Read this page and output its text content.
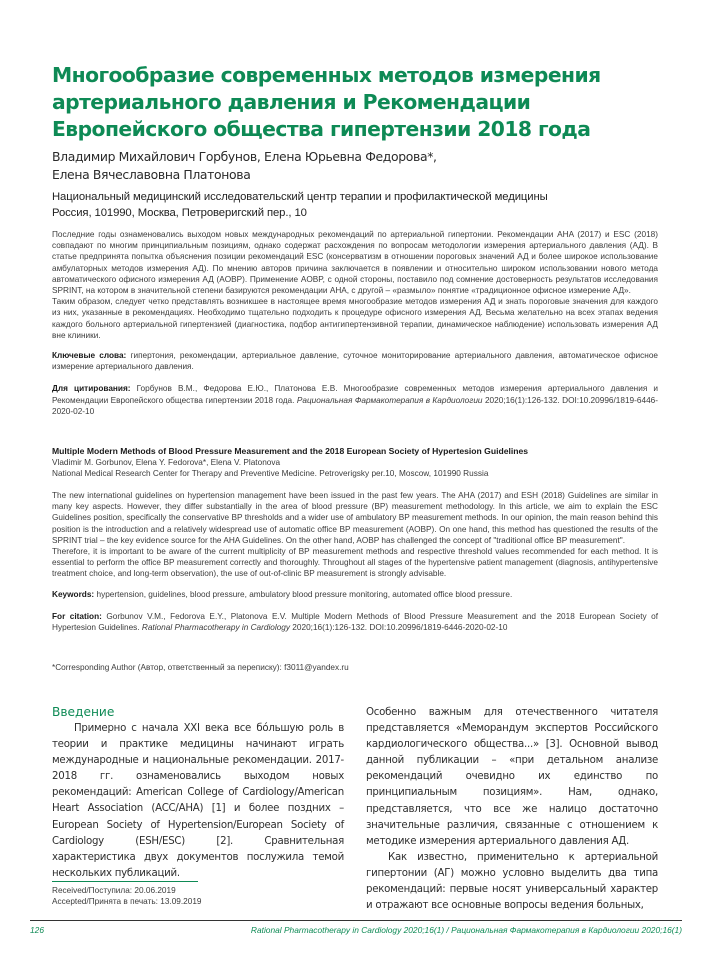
Многообразие современных методов измерения
артериального давления и Рекомендации
Европейского общества гипертензии 2018 года
Владимир Михайлович Горбунов, Елена Юрьевна Федорова*,
Елена Вячеславовна Платонова
Национальный медицинский исследовательский центр терапии и профилактической медицины
Россия, 101990, Москва, Петроверигский пер., 10

Последние годы ознаменовались выходом новых международных рекомендаций по артериальной гипертонии. Рекомендации AHA (2017) и ESC (2018) совпадают по многим принципиальным позициям, однако содержат расхождения по вопросам методологии измерения артериального давления (АД). В статье предпринята попытка объяснения позиции рекомендаций ESC (консерватизм в отношении пороговых значений АД и более широкое использование амбулаторных методов измерения АД). По мнению авторов причина заключается в появлении и относительно широком использовании нового метода автоматического офисного измерения АД (AOBP). Применение AOBP, с одной стороны, поставило под сомнение достоверность результатов исследования SPRINT, на котором в значительной степени базируются рекомендации AHA, с другой – «размыло» понятие «традиционное офисное измерение АД».

Таким образом, следует четко представлять возникшее в настоящее время многообразие методов измерения АД и знать пороговые значения для каждого из них, указанные в рекомендациях. Необходимо тщательно подходить к процедуре офисного измерения АД. Весьма желательно на всех этапах ведения каждого больного артериальной гипертензией (диагностика, подбор антигипертензивной терапии, динамическое наблюдение) использовать измерения АД вне клиники.

Ключевые слова: гипертония, рекомендации, артериальное давление, суточное мониторирование артериального давления, автоматическое офисное измерение артериального давления.
Для цитирования: Горбунов В.М., Федорова Е.Ю., Платонова Е.В. Многообразие современных методов измерения артериального давления и Рекомендации Европейского общества гипертензии 2018 года. Рациональная Фармакотерапия в Кардиологии 2020;16(1):126-132. DOI:10.20996/1819-6446-2020-02-10
Multiple Modern Methods of Blood Pressure Measurement and the 2018 European Society of Hypertesion Guidelines
Vladimir M. Gorbunov, Elena Y. Fedorova*, Elena V. Platonova
National Medical Research Center for Therapy and Preventive Medicine. Petroverigsky per.10, Moscow, 101990 Russia

The new international guidelines on hypertension management have been issued in the past few years. The AHA (2017) and ESH (2018) Guidelines are similar in many key aspects. However, they differ substantially in the area of blood pressure (BP) measurement methodology. In this article, we aim to explain the ESC Guidelines position, specifically the conservative BP thresholds and a wider use of ambulatory BP measurement methods. In our opinion, the main reason behind this position is the introduction and a relatively widespread use of automatic office BP measurement (AOBP). On one hand, this method has questioned the results of the SPRINT trial – the key evidence source for the AHA Guidelines. On the other hand, AOBP has challenged the concept of "traditional office BP measurement".

Therefore, it is important to be aware of the current multiplicity of BP measurement methods and respective threshold values recommended for each method. It is essential to perform the office BP measurement correctly and thoroughly. Throughout all stages of the hypertensive patient management (diagnosis, antihypertensive treatment choice, and long-term observation), the use of out-of-clinic BP measurement is strongly advisable.

Keywords: hypertension, guidelines, blood pressure, ambulatory blood pressure monitoring, automated office blood pressure.
For citation: Gorbunov V.M., Fedorova E.Y., Platonova E.V. Multiple Modern Methods of Blood Pressure Measurement and the 2018 European Society of Hypertesion Guidelines. Rational Pharmacotherapy in Cardiology 2020;16(1):126-132. DOI:10.20996/1819-6446-2020-02-10
*Corresponding Author (Автор, ответственный за переписку): f3011@yandex.ru
Введение

Примерно с начала XXI века все бóльшую роль в теории и практике медицины начинают играть международные и национальные рекомендации. 2017-2018 гг. ознаменовались выходом новых рекомендаций: American College of Cardiology/American Heart Association (ACC/AHA) [1] и более поздних – European Society of Hypertension/European Society of Cardiology (ESH/ESC) [2]. Сравнительная характеристика двух документов послужила темой нескольких публикаций.

Особенно важным для отечественного читателя представляется «Меморандум экспертов Российского кардиологического общества...» [3]. Основной вывод данной публикации – «при детальном анализе рекомендаций очевидно их единство по принципиальным позициям». Нам, однако, представляется, что все же налицо достаточно значительные различия, связанные с отношением к методике измерения артериального давления АД.

Как известно, применительно к артериальной гипертонии (АГ) можно условно выделить два типа рекомендаций: первые носят универсальный характер и отражают все основные вопросы ведения больных,

Received/Поступила: 20.06.2019
Accepted/Принята в печать: 13.09.2019
126	Rational Pharmacotherapy in Cardiology 2020;16(1) / Рациональная Фармакотерапия в Кардиологии 2020;16(1)
